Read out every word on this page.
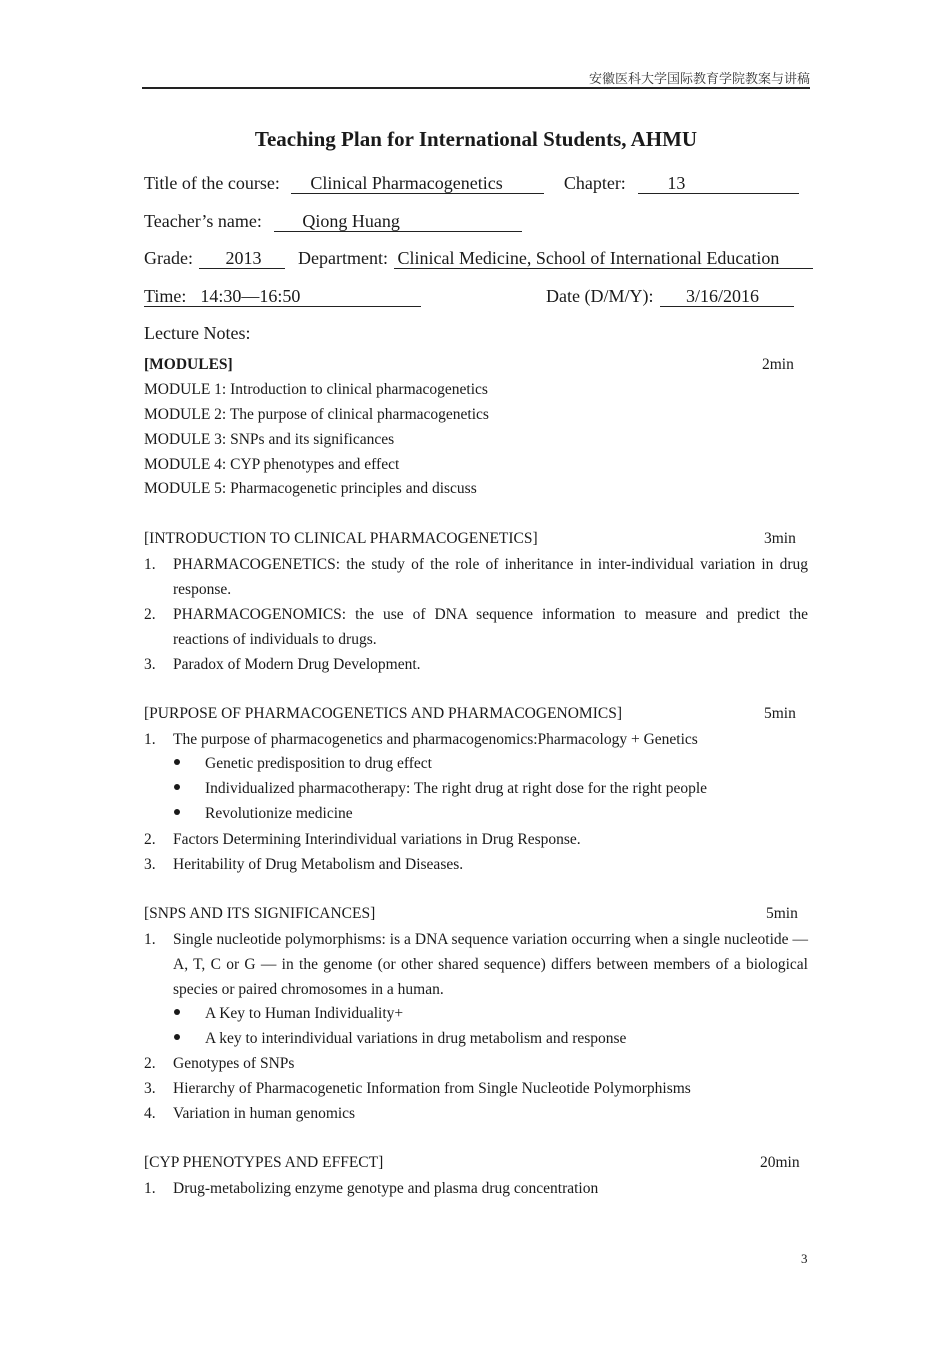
安徽医科大学国际教育学院教案与讲稿
Teaching Plan for International Students, AHMU
Title of the course: Clinical Pharmacogenetics	Chapter: 13
Teacher’s name: Qiong Huang
Grade: 2013 Department: Clinical Medicine, School of International Education
Time: 14:30—16:50	Date (D/M/Y): 3/16/2016
Lecture Notes:
[MODULES]	2min
MODULE 1: Introduction to clinical pharmacogenetics
MODULE 2: The purpose of clinical pharmacogenetics
MODULE 3: SNPs and its significances
MODULE 4: CYP phenotypes and effect
MODULE 5: Pharmacogenetic principles and discuss
[INTRODUCTION TO CLINICAL PHARMACOGENETICS]	3min
1. PHARMACOGENETICS: the study of the role of inheritance in inter-individual variation in drug response.
2. PHARMACOGENOMICS: the use of DNA sequence information to measure and predict the reactions of individuals to drugs.
3. Paradox of Modern Drug Development.
[PURPOSE OF PHARMACOGENETICS AND PHARMACOGENOMICS]	5min
1. The purpose of pharmacogenetics and pharmacogenomics:Pharmacology + Genetics
Genetic predisposition to drug effect
Individualized pharmacotherapy: The right drug at right dose for the right people
Revolutionize medicine
2. Factors Determining Interindividual variations in Drug Response.
3. Heritability of Drug Metabolism and Diseases.
[SNPS AND ITS SIGNIFICANCES]	5min
1. Single nucleotide polymorphisms: is a DNA sequence variation occurring when a single nucleotide — A, T, C or G — in the genome (or other shared sequence) differs between members of a biological species or paired chromosomes in a human.
A Key to Human Individuality+
A key to interindividual variations in drug metabolism and response
2. Genotypes of SNPs
3. Hierarchy of Pharmacogenetic Information from Single Nucleotide Polymorphisms
4. Variation in human genomics
[CYP PHENOTYPES AND EFFECT]	20min
1. Drug-metabolizing enzyme genotype and plasma drug concentration
3
